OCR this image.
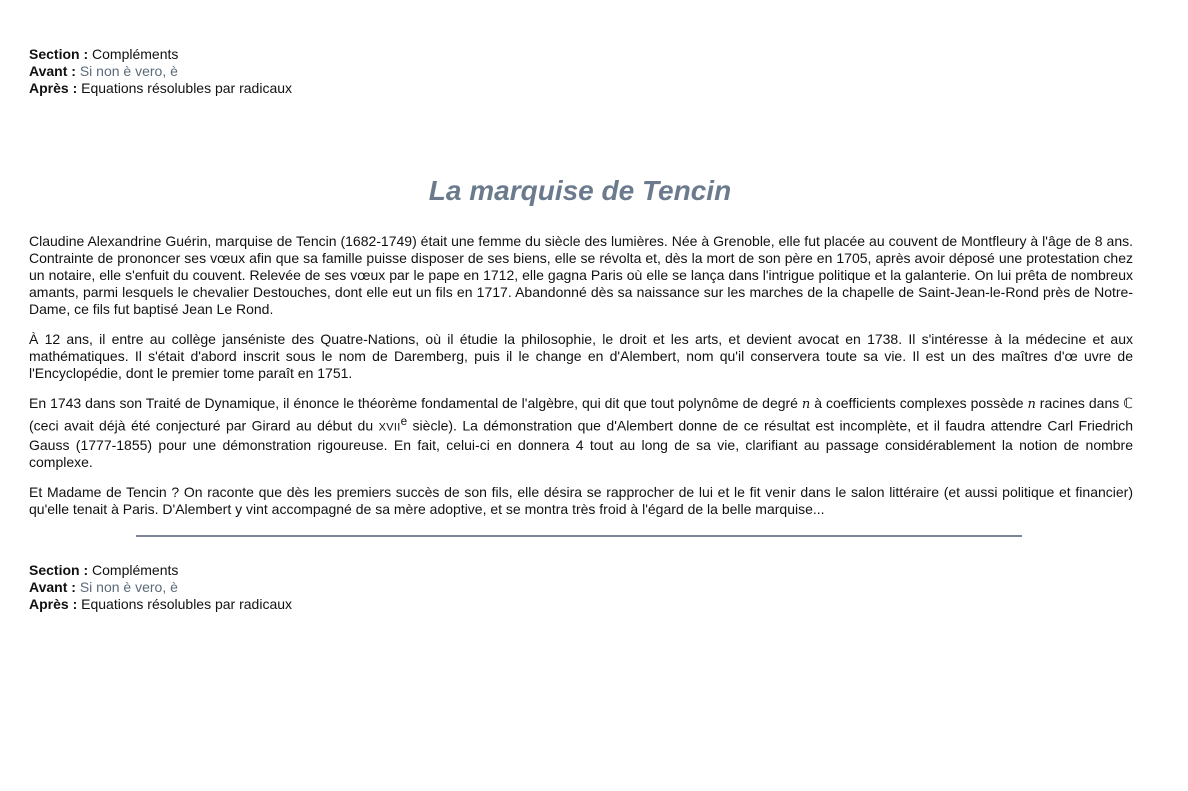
Section : Compléments
Avant : Si non è vero, è
Après : Equations résolubles par radicaux
La marquise de Tencin

Claudine Alexandrine Guérin, marquise de Tencin (1682-1749) était une femme du siècle des lumières. Née à Grenoble, elle fut placée au couvent de Montfleury à l'âge de 8 ans. Contrainte de prononcer ses vœux afin que sa famille puisse disposer de ses biens, elle se révolta et, dès la mort de son père en 1705, après avoir déposé une protestation chez un notaire, elle s'enfuit du couvent. Relevée de ses vœux par le pape en 1712, elle gagna Paris où elle se lança dans l'intrigue politique et la galanterie. On lui prêta de nombreux amants, parmi lesquels le chevalier Destouches, dont elle eut un fils en 1717. Abandonné dès sa naissance sur les marches de la chapelle de Saint-Jean-le-Rond près de Notre-Dame, ce fils fut baptisé Jean Le Rond.

À 12 ans, il entre au collège janséniste des Quatre-Nations, où il étudie la philosophie, le droit et les arts, et devient avocat en 1738. Il s'intéresse à la médecine et aux mathématiques. Il s'était d'abord inscrit sous le nom de Daremberg, puis il le change en d'Alembert, nom qu'il conservera toute sa vie. Il est un des maîtres d'œ uvre de l'Encyclopédie, dont le premier tome paraît en 1751.

En 1743 dans son Traité de Dynamique, il énonce le théorème fondamental de l'algèbre, qui dit que tout polynôme de degré n à coefficients complexes possède n racines dans ℂ (ceci avait déjà été conjecturé par Girard au début du XVIIe siècle). La démonstration que d'Alembert donne de ce résultat est incomplète, et il faudra attendre Carl Friedrich Gauss (1777-1855) pour une démonstration rigoureuse. En fait, celui-ci en donnera 4 tout au long de sa vie, clarifiant au passage considérablement la notion de nombre complexe.

Et Madame de Tencin ? On raconte que dès les premiers succès de son fils, elle désira se rapprocher de lui et le fit venir dans le salon littéraire (et aussi politique et financier) qu'elle tenait à Paris. D'Alembert y vint accompagné de sa mère adoptive, et se montra très froid à l'égard de la belle marquise...

Section : Compléments
Avant : Si non è vero, è
Après : Equations résolubles par radicaux
